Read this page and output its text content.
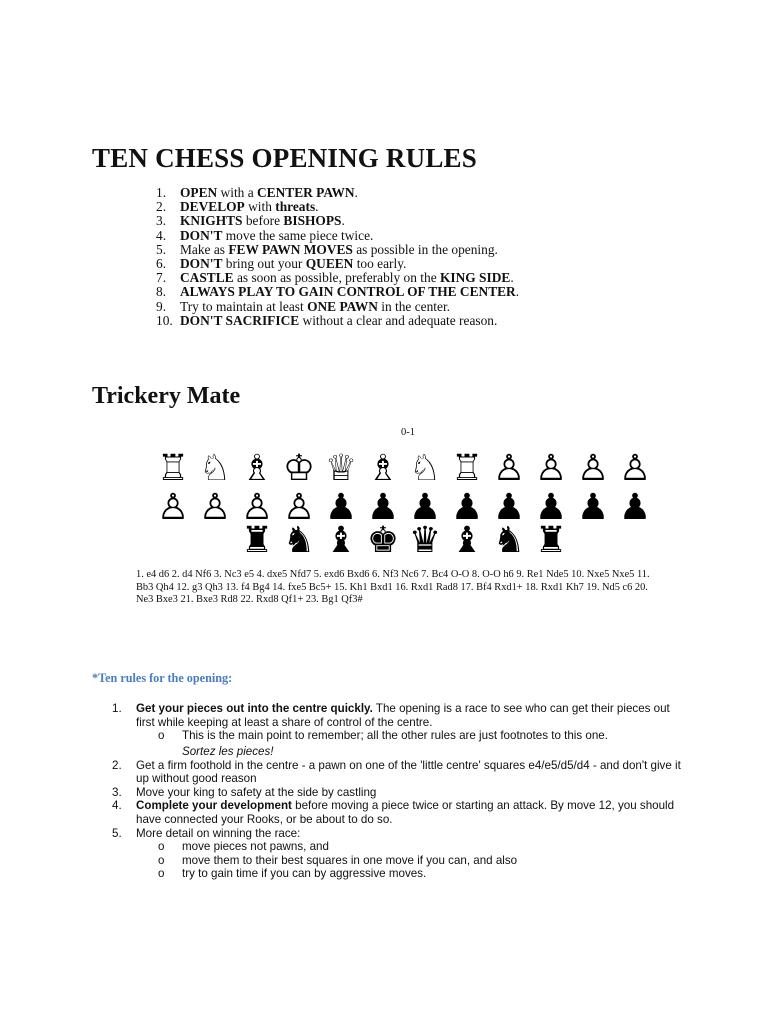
TEN CHESS OPENING RULES
1.	OPEN with a CENTER PAWN.
2.	DEVELOP with threats.
3.	KNIGHTS before BISHOPS.
4.	DON'T move the same piece twice.
5.	Make as FEW PAWN MOVES as possible in the opening.
6.	DON'T bring out your QUEEN too early.
7.	CASTLE as soon as possible, preferably on the KING SIDE.
8.	ALWAYS PLAY TO GAIN CONTROL OF THE CENTER.
9.	Try to maintain at least ONE PAWN in the center.
10. DON'T SACRIFICE without a clear and adequate reason.
Trickery Mate
0-1
♖ ♘ ♗ ♔ ♕ ♗ ♘ ♖ ♙ ♙ ♙ ♙
♙ ♙ ♙ ♙ ♟ ♟ ♟ ♟ ♟ ♟ ♟ ♟
♜ ♞ ♝ ♚ ♛ ♝ ♞ ♜

1. e4 d6 2. d4 Nf6 3. Nc3 e5 4. dxe5 Nfd7 5. exd6 Bxd6 6. Nf3 Nc6 7. Bc4 O-O 8. O-O h6 9. Re1 Nde5 10. Nxe5 Nxe5 11. Bb3 Qh4 12. g3 Qh3 13. f4 Bg4 14. fxe5 Bc5+ 15. Kh1 Bxd1 16. Rxd1 Rad8 17. Bf4 Rxd1+ 18. Rxd1 Kh7 19. Nd5 c6 20. Ne3 Bxe3 21. Bxe3 Rd8 22. Rxd8 Qf1+ 23. Bg1 Qf3#

*Ten rules for the opening:

1.	Get your pieces out into the centre quickly. The opening is a race to see who can get their pieces out first while keeping at least a share of control of the centre.
o	This is the main point to remember; all the other rules are just footnotes to this one.
Sortez les pieces!
2.	Get a firm foothold in the centre - a pawn on one of the 'little centre' squares e4/e5/d5/d4 - and don't give it up without good reason
3.	Move your king to safety at the side by castling
4.	Complete your development before moving a piece twice or starting an attack. By move 12, you should have connected your Rooks, or be about to do so.
5.	More detail on winning the race:
o	move pieces not pawns, and
o	move them to their best squares in one move if you can, and also
o	try to gain time if you can by aggressive moves.
